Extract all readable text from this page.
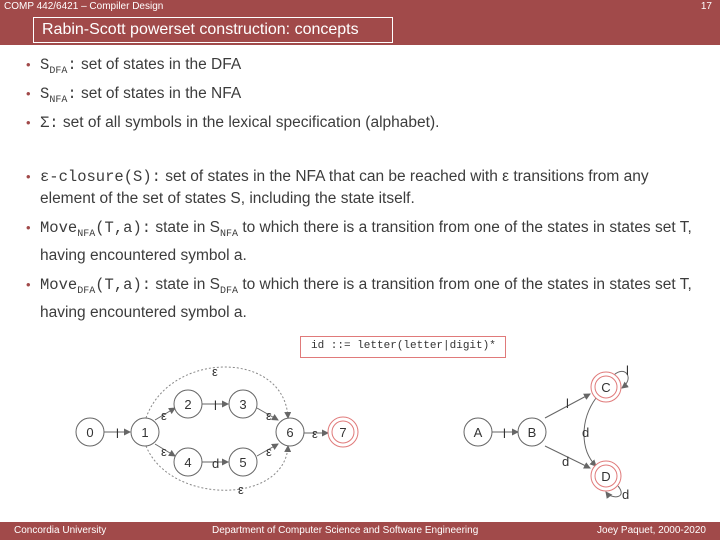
COMP 442/6421 – Compiler Design	17
Rabin-Scott powerset construction: concepts
• $S_{DFA}$: set of states in the DFA
• $S_{NFA}$: set of states in the NFA
• Σ: set of all symbols in the lexical specification (alphabet).
• ε-closure(S): set of states in the NFA that can be reached with ε transitions from any element of the set of states S, including the state itself.
• Move$_{NFA}$(T,a): state in $S_{NFA}$ to which there is a transition from one of the states in states set T, having encountered symbol a.
• Move$_{DFA}$(T,a): state in $S_{DFA}$ to which there is a transition from one of the states in states set T, having encountered symbol a.
id ::= letter(letter|digit)*
0	1
2	3
4	5
6	7
l
ε
l
ε
ε
d
ε
ε
ε
ε
A	B
C
D
l
l
d
d
l
d
Concordia University	Department of Computer Science and Software Engineering	Joey Paquet, 2000-2020
